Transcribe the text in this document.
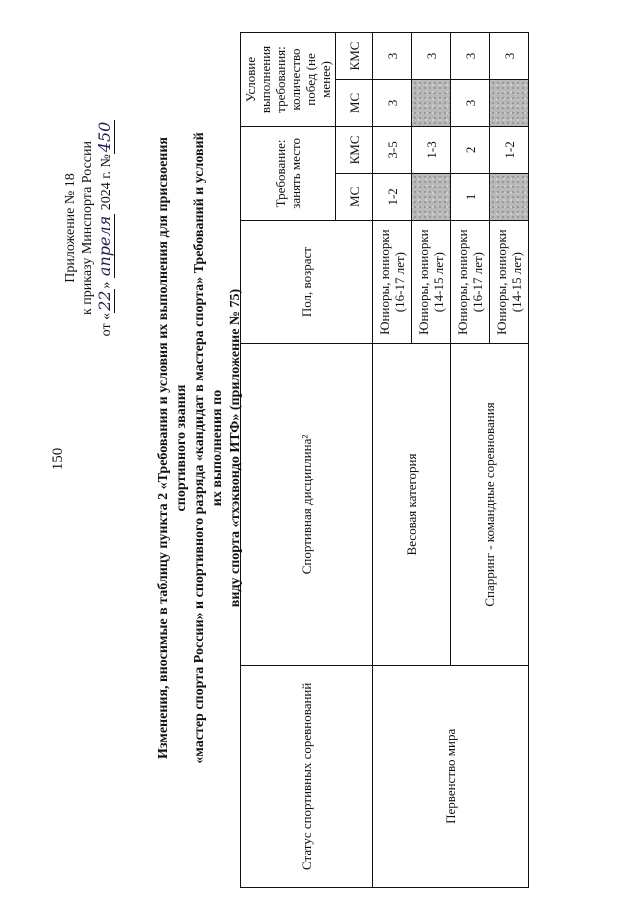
150
Приложение № 18 к приказу Минспорта России
от «22» апреля 2024 г. №450
Изменения, вносимые в таблицу пункта 2 «Требования и условия их выполнения для присвоения спортивного звания «мастер спорта России» и спортивного разряда «кандидат в мастера спорта» Требований и условий их выполнения по виду спорта «тхэквондо ИТФ» (приложение № 75)
Статус спортивных соревнований	Спортивная дисциплина²	Пол, возраст	Требование: занять место		Условие выполнения требования: количество побед (не менее)	
			МС	КМС	МС	КМС
Первенство мира	Весовая категория	Юниоры, юниорки (16-17 лет)	1-2	3-5	3	3
		Юниоры, юниорки (14-15 лет)		1-3		3
	Спарринг - командные соревнования	Юниоры, юниорки (16-17 лет)	1	2	3	3
		Юниоры, юниорки (14-15 лет)		1-2		3
